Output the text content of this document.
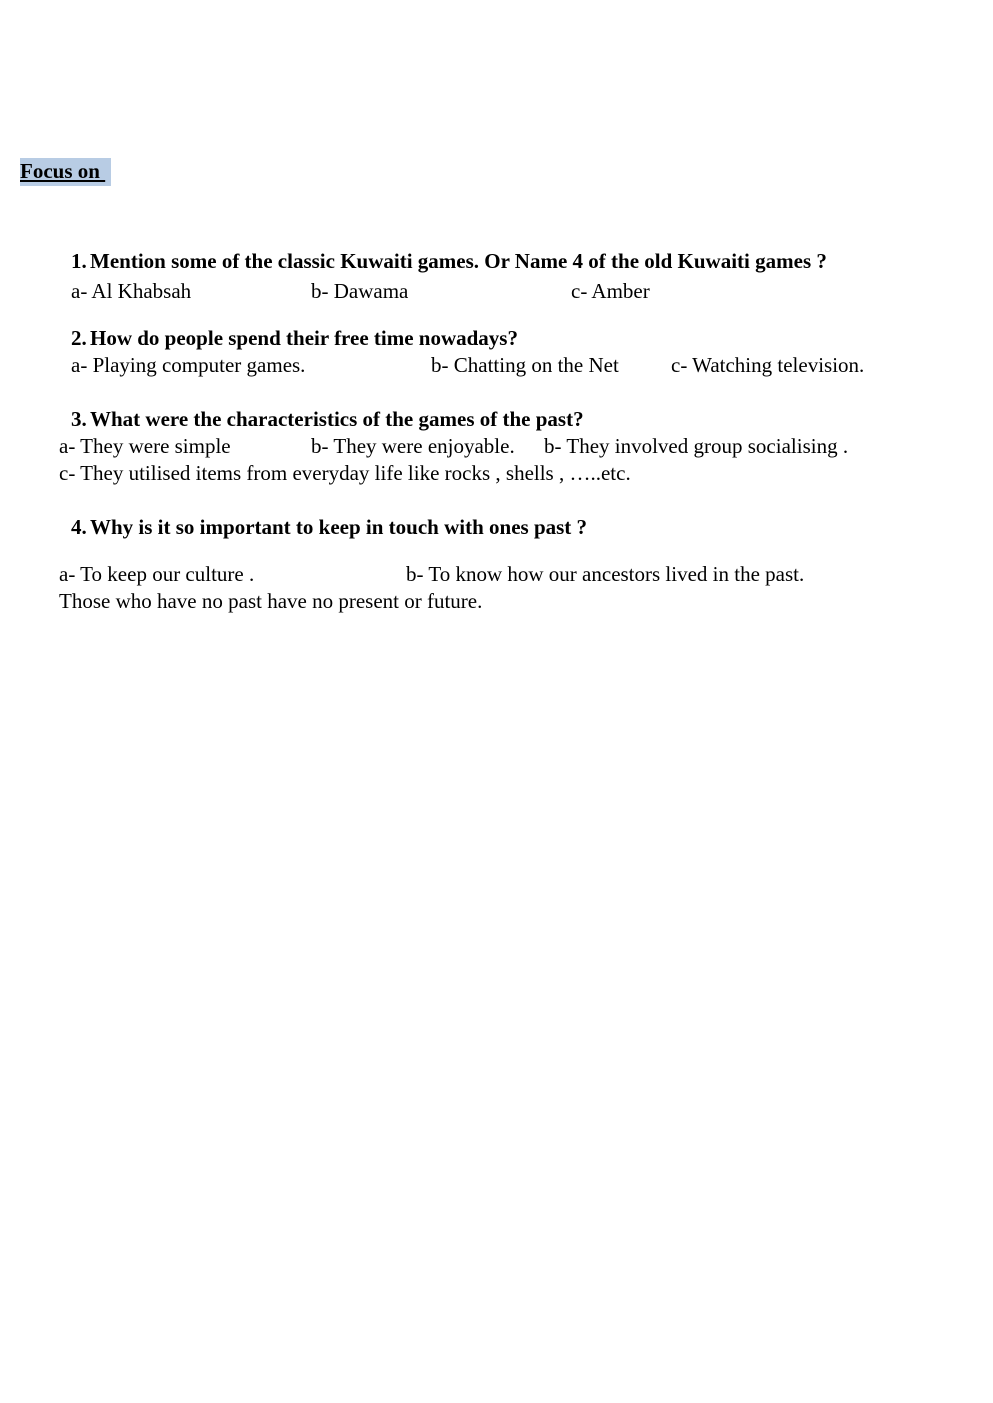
Focus on
1. Mention some of the classic Kuwaiti games. Or Name 4 of the old Kuwaiti games ?
a- Al Khabsah	b- Dawama	c- Amber
2. How do people spend their free time nowadays?
a- Playing computer games.	b- Chatting on the Net c- Watching television.
3. What were the characteristics of the games of the past?
a- They were simple	b- They were enjoyable. b- They involved group socialising .
c- They utilised items from everyday life like rocks , shells , …..etc.
4. Why is it so important to keep in touch with ones past ?
a- To keep our culture .	b- To know how our ancestors lived in the past.
Those who have no past have no present or future.
